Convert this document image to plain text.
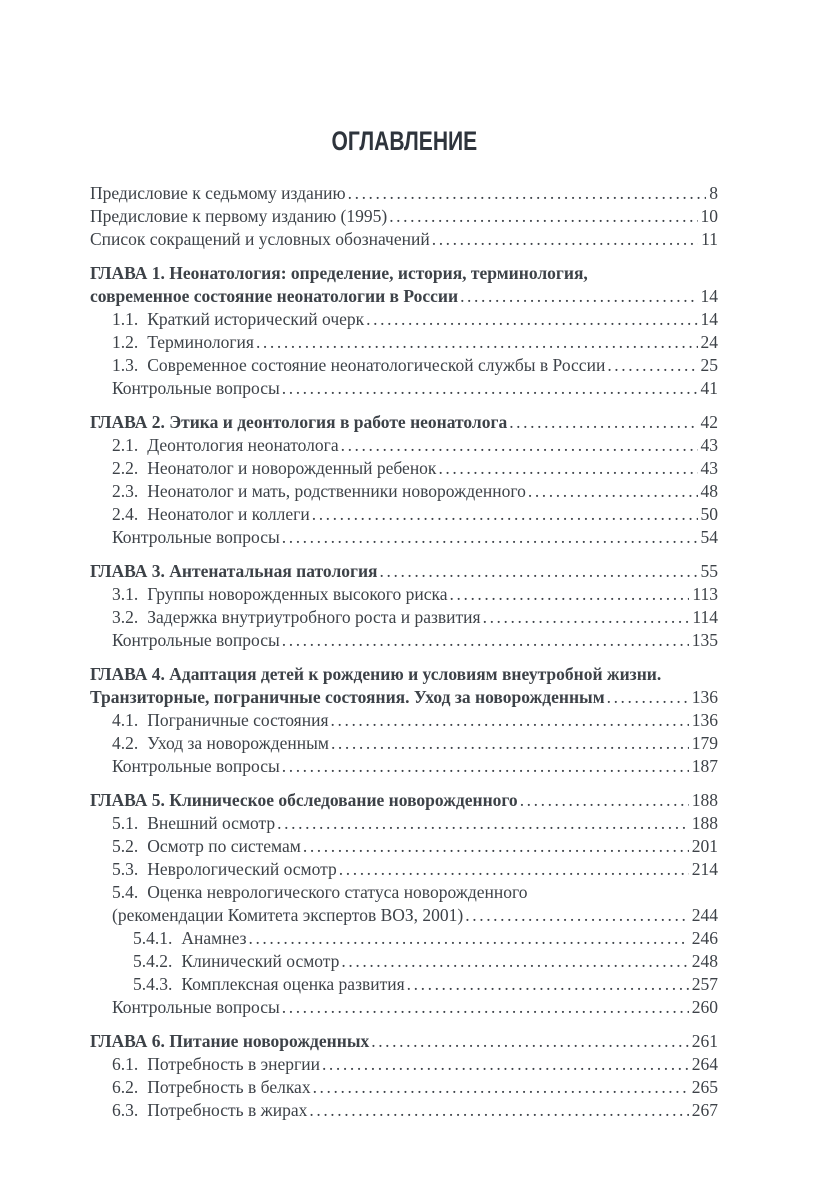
ОГЛАВЛЕНИЕ
Предисловие к седьмому изданию .....	8
Предисловие к первому изданию (1995) .....	10
Список сокращений и условных обозначений .....	11
ГЛАВА 1. Неонатология: определение, история, терминология,
современное состояние неонатологии в России .....	14
1.1. Краткий исторический очерк .....	14
1.2. Терминология .....	24
1.3. Современное состояние неонатологической службы в России .....	25
Контрольные вопросы .....	41
ГЛАВА 2. Этика и деонтология в работе неонатолога .....	42
2.1. Деонтология неонатолога .....	43
2.2. Неонатолог и новорожденный ребенок .....	43
2.3. Неонатолог и мать, родственники новорожденного .....	48
2.4. Неонатолог и коллеги .....	50
Контрольные вопросы .....	54
ГЛАВА 3. Антенатальная патология .....	55
3.1. Группы новорожденных высокого риска .....	113
3.2. Задержка внутриутробного роста и развития .....	114
Контрольные вопросы .....	135
ГЛАВА 4. Адаптация детей к рождению и условиям внеутробной жизни.
Транзиторные, пограничные состояния. Уход за новорожденным .....	136
4.1. Пограничные состояния .....	136
4.2. Уход за новорожденным .....	179
Контрольные вопросы .....	187
ГЛАВА 5. Клиническое обследование новорожденного .....	188
5.1. Внешний осмотр .....	188
5.2. Осмотр по системам .....	201
5.3. Неврологический осмотр .....	214
5.4. Оценка неврологического статуса новорожденного
(рекомендации Комитета экспертов ВОЗ, 2001) .....	244
5.4.1. Анамнез .....	246
5.4.2. Клинический осмотр .....	248
5.4.3. Комплексная оценка развития .....	257
Контрольные вопросы .....	260
ГЛАВА 6. Питание новорожденных .....	261
6.1. Потребность в энергии .....	264
6.2. Потребность в белках .....	265
6.3. Потребность в жирах .....	267
